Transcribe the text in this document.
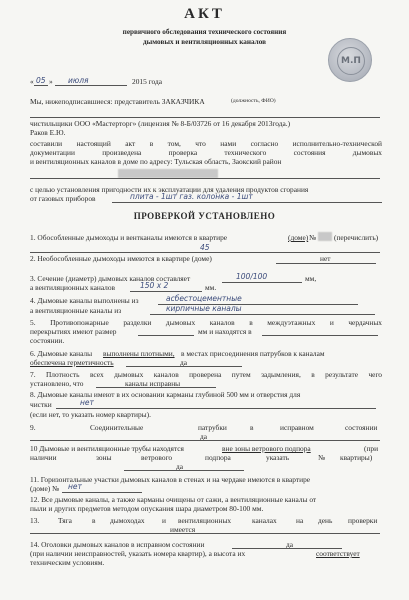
АКТ
первичного обследования технического состояния
дымовых и вентиляционных каналов
М.П
« 05 » июля	2015 года
Мы, нижеподписавшиеся: представитель ЗАКАЗЧИКА	(должность, ФИО)
чистильщики ООО «Мастерторг» (лицензия № 8-Б/03726 от 16 декабря 2013года.)
Раков Е.Ю.
составили настоящий акт в том, что нами согласно исполнительно-технической
документации произведена проверка технического состояния дымовых
и вентиляционных каналов в доме по адресу: Тульская область, Заокский район
с целью установления пригодности их к эксплуатации для удаления продуктов сгорания
от газовых приборов	плита - 1шт газ. колонка - 1шт
ПРОВЕРКОЙ УСТАНОВЛЕНО
1. Обособленные дымоходы и вентканалы имеются в квартире	(доме) № (перечислить)
45
2. Необособленные дымоходы имеются в квартире (доме)	нет
3. Сечение (диаметр) дымовых каналов составляет	100/100	мм,
а вентиляционных каналов	150 х 2	мм.
4. Дымовые каналы выполнены из	асбестоцементные
а вентиляционные каналы из	кирпичные каналы
5. Противопожарные разделки дымовых каналов в междуэтажных и чердачных
перекрытиях имеют размер	мм и находятся в
состоянии.
6. Дымовые каналы выполнены плотными, в местах присоединения патрубков к каналам
обеспечена герметичность	да
7. Плотность всех дымовых каналов проверена путем задымления, в результате чего
установлено, что	каналы исправны
8. Дымовые каналы имеют в их основании карманы глубиной 500 мм и отверстия для
чистки	нет
(если нет, то указать номер квартиры).
9.	Соединительные	патрубки	в	исправном	состоянии
да
10 Дымовые и вентиляционные трубы находятся	вне зоны ветрового подпора	(при
наличии	зоны	ветрового	подпора	указать	№ квартиры)
да
11. Горизонтальные участки дымовых каналов в стенах и на чердаке имеются в квартире
(доме) № нет
12. Все дымовые каналы, а также карманы очищены от сажи, а вентиляционные каналы от
пыли и других предметов методом опускания шара диаметром 80-100 мм.
13.	Тяга	в дымоходах и вентиляционных	каналах	на день проверки
имеется
14. Оголовки дымовых каналов в исправном состоянии	да
(при наличии неисправностей, указать номера квартир), а высота их	соответствует
техническим условиям.
